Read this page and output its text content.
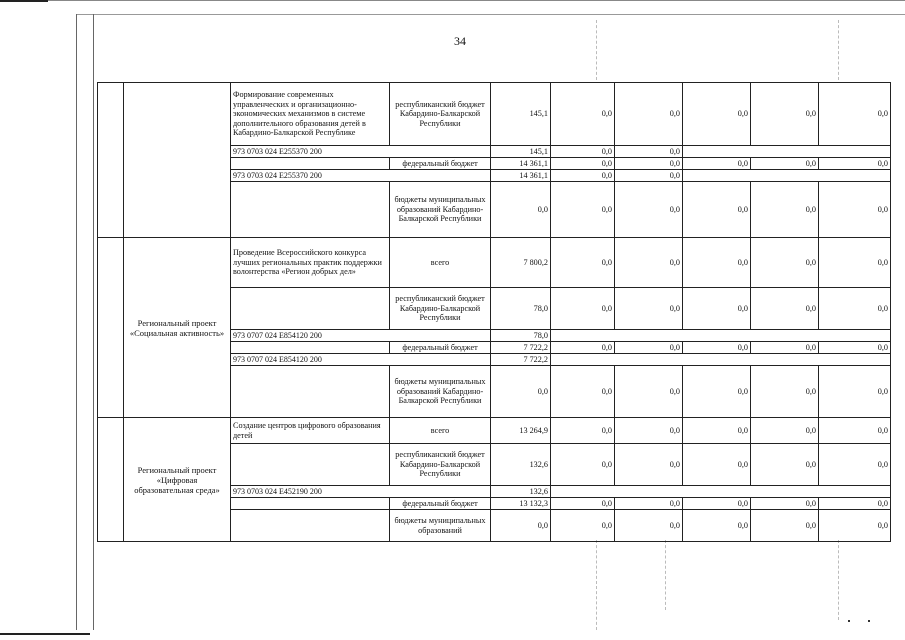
34
		Формирование современных управленческих и организационно-экономических механизмов в системе дополнительного образования детей в Кабардино-Балкарской Республике	республиканский бюджет Кабардино-Балкарской Республики	145,1	0,0	0,0	0,0	0,0	0,0
		973 0703 024 Е255370 200		145,1	0,0	0,0			
			федеральный бюджет	14 361,1	0,0	0,0	0,0	0,0	0,0
		973 0703 024 Е255370 200		14 361,1	0,0	0,0			
			бюджеты муниципальных образований Кабардино-Балкарской Республики	0,0	0,0	0,0	0,0	0,0	0,0
	Региональный проект «Социальная активность»	Проведение Всероссийского конкурса лучших региональных практик поддержки волонтерства «Регион добрых дел»	всего	7 800,2	0,0	0,0	0,0	0,0	0,0
			республиканский бюджет Кабардино-Балкарской Республики	78,0	0,0	0,0	0,0	0,0	0,0
		973 0707 024 Е854120 200		78,0					
			федеральный бюджет	7 722,2	0,0	0,0	0,0	0,0	0,0
		973 0707 024 Е854120 200		7 722,2					
			бюджеты муниципальных образований Кабардино-Балкарской Республики	0,0	0,0	0,0	0,0	0,0	0,0
	Региональный проект «Цифровая образовательная среда»	Создание центров цифрового образования детей	всего	13 264,9	0,0	0,0	0,0	0,0	0,0
			республиканский бюджет Кабардино-Балкарской Республики	132,6	0,0	0,0	0,0	0,0	0,0
		973 0703 024 Е452190 200		132,6					
			федеральный бюджет	13 132,3	0,0	0,0	0,0	0,0	0,0
			бюджеты муниципальных образований	0,0	0,0	0,0	0,0	0,0	0,0
